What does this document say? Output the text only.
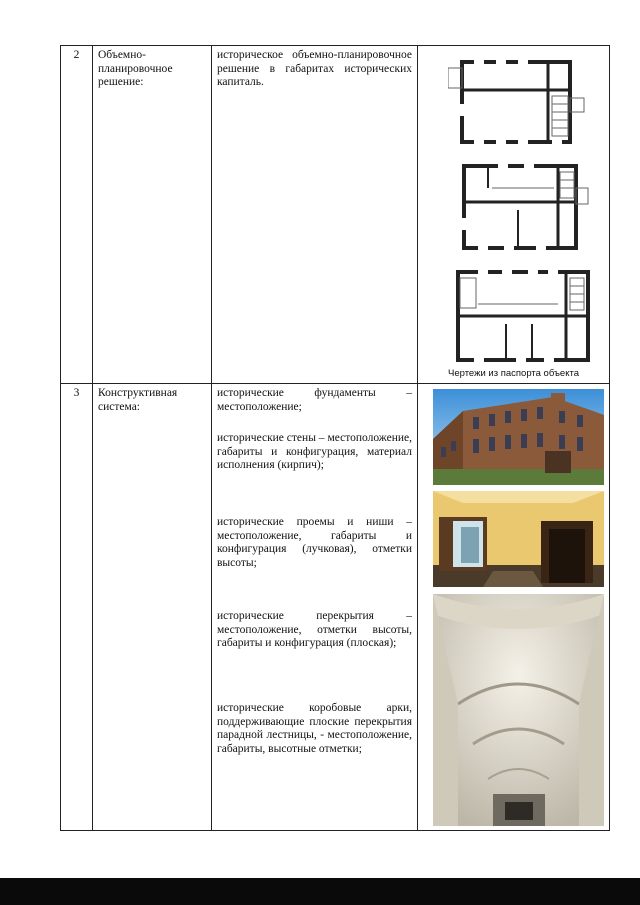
2	Объемно-планировочное решение:	историческое объемно-планировочное решение в габаритах исторических капиталь.	Чертежи из паспорта объекта

3	Конструктивная система:	исторические фундаменты – местоположение;

исторические стены – местоположение, габариты и конфигурация, материал исполнения (кирпич);

исторические проемы и ниши – местоположение, габариты и конфигурация (лучковая), отметки высоты;

исторические перекрытия – местоположение, отметки высоты, габариты и конфигурация (плоская);

исторические коробовые арки, поддерживающие плоские перекрытия парадной лестницы, - местоположение, габариты, высотные отметки;
